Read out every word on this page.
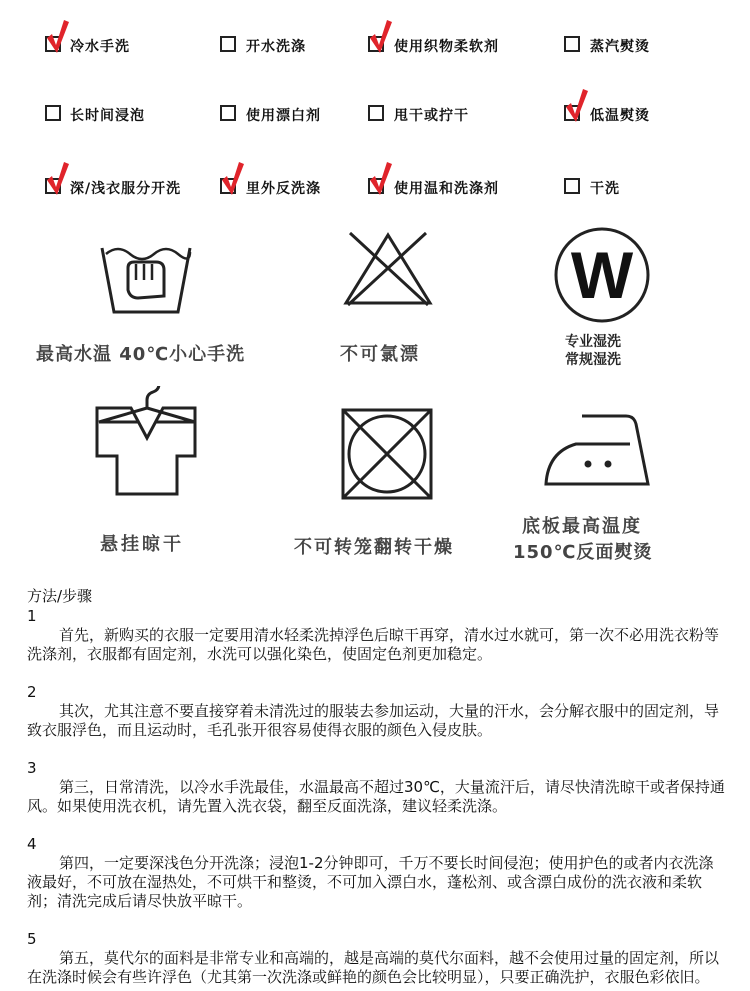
冷水手洗	开水洗涤	使用织物柔软剂	蒸汽熨烫
长时间浸泡	使用漂白剂	甩干或拧干	低温熨烫
深/浅衣服分开洗	里外反洗涤	使用温和洗涤剂	干洗
最高水温 40℃小心手洗	不可氯漂
W
专业湿洗
常规湿洗
悬挂晾干	不可转笼翻转干燥
底板最高温度
150℃反面熨烫
方法/步骤
1
首先，新购买的衣服一定要用清水轻柔洗掉浮色后晾干再穿，清水过水就可，第一次不必用洗衣粉等洗涤剂，衣服都有固定剂，水洗可以强化染色，使固定色剂更加稳定。
2
其次，尤其注意不要直接穿着未清洗过的服装去参加运动，大量的汗水，会分解衣服中的固定剂，导致衣服浮色，而且运动时，毛孔张开很容易使得衣服的颜色入侵皮肤。
3
第三，日常清洗，以冷水手洗最佳，水温最高不超过30℃，大量流汗后，请尽快清洗晾干或者保持通风。如果使用洗衣机，请先置入洗衣袋，翻至反面洗涤，建议轻柔洗涤。
4
第四，一定要深浅色分开洗涤；浸泡1-2分钟即可，千万不要长时间侵泡；使用护色的或者内衣洗涤液最好，不可放在湿热处，不可烘干和整烫，不可加入漂白水，蓬松剂、或含漂白成份的洗衣液和柔软剂；清洗完成后请尽快放平晾干。
5
第五，莫代尔的面料是非常专业和高端的，越是高端的莫代尔面料，越不会使用过量的固定剂，所以在洗涤时候会有些许浮色（尤其第一次洗涤或鲜艳的颜色会比较明显），只要正确洗护，衣服色彩依旧。
